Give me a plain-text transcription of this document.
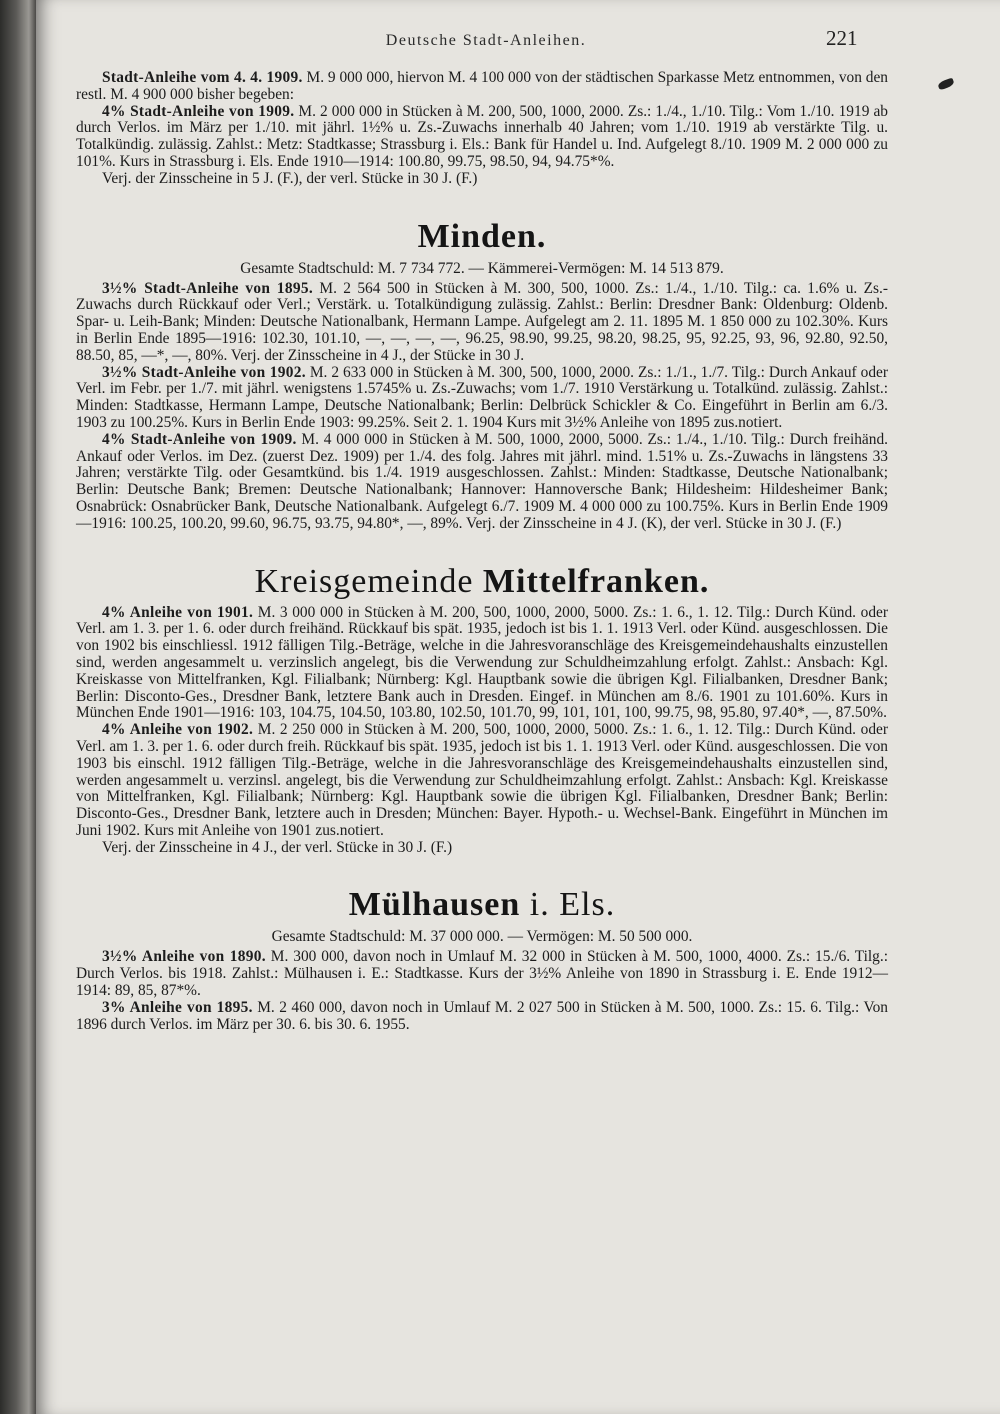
Deutsche Stadt-Anleihen.	221

Stadt-Anleihe vom 4. 4. 1909. M. 9 000 000, hiervon M. 4 100 000 von der städtischen Sparkasse Metz entnommen, von den restl. M. 4 900 000 bisher begeben:

4% Stadt-Anleihe von 1909. M. 2 000 000 in Stücken à M. 200, 500, 1000, 2000. Zs.: 1./4., 1./10. Tilg.: Vom 1./10. 1919 ab durch Verlos. im März per 1./10. mit jährl. 1½% u. Zs.-Zuwachs innerhalb 40 Jahren; vom 1./10. 1919 ab verstärkte Tilg. u. Totalkündig. zulässig. Zahlst.: Metz: Stadtkasse; Strassburg i. Els.: Bank für Handel u. Ind. Aufgelegt 8./10. 1909 M. 2 000 000 zu 101%. Kurs in Strassburg i. Els. Ende 1910—1914: 100.80, 99.75, 98.50, 94, 94.75*%.

Verj. der Zinsscheine in 5 J. (F.), der verl. Stücke in 30 J. (F.)

Minden.
Gesamte Stadtschuld: M. 7 734 772. — Kämmerei-Vermögen: M. 14 513 879.

3½% Stadt-Anleihe von 1895. M. 2 564 500 in Stücken à M. 300, 500, 1000. Zs.: 1./4., 1./10. Tilg.: ca. 1.6% u. Zs.-Zuwachs durch Rückkauf oder Verl.; Verstärk. u. Totalkündigung zulässig. Zahlst.: Berlin: Dresdner Bank: Oldenburg: Oldenb. Spar- u. Leih-Bank; Minden: Deutsche Nationalbank, Hermann Lampe. Aufgelegt am 2. 11. 1895 M. 1 850 000 zu 102.30%. Kurs in Berlin Ende 1895—1916: 102.30, 101.10, —, —, —, —, 96.25, 98.90, 99.25, 98.20, 98.25, 95, 92.25, 93, 96, 92.80, 92.50, 88.50, 85, —*, —, 80%. Verj. der Zinsscheine in 4 J., der Stücke in 30 J.

3½% Stadt-Anleihe von 1902. M. 2 633 000 in Stücken à M. 300, 500, 1000, 2000. Zs.: 1./1., 1./7. Tilg.: Durch Ankauf oder Verl. im Febr. per 1./7. mit jährl. wenigstens 1.5745% u. Zs.-Zuwachs; vom 1./7. 1910 Verstärkung u. Totalkünd. zulässig. Zahlst.: Minden: Stadtkasse, Hermann Lampe, Deutsche Nationalbank; Berlin: Delbrück Schickler & Co. Eingeführt in Berlin am 6./3. 1903 zu 100.25%. Kurs in Berlin Ende 1903: 99.25%. Seit 2. 1. 1904 Kurs mit 3½% Anleihe von 1895 zus.notiert.

4% Stadt-Anleihe von 1909. M. 4 000 000 in Stücken à M. 500, 1000, 2000, 5000. Zs.: 1./4., 1./10. Tilg.: Durch freihänd. Ankauf oder Verlos. im Dez. (zuerst Dez. 1909) per 1./4. des folg. Jahres mit jährl. mind. 1.51% u. Zs.-Zuwachs in längstens 33 Jahren; verstärkte Tilg. oder Gesamtkünd. bis 1./4. 1919 ausgeschlossen. Zahlst.: Minden: Stadtkasse, Deutsche Nationalbank; Berlin: Deutsche Bank; Bremen: Deutsche Nationalbank; Hannover: Hannoversche Bank; Hildesheim: Hildesheimer Bank; Osnabrück: Osnabrücker Bank, Deutsche Nationalbank. Aufgelegt 6./7. 1909 M. 4 000 000 zu 100.75%. Kurs in Berlin Ende 1909—1916: 100.25, 100.20, 99.60, 96.75, 93.75, 94.80*, —, 89%. Verj. der Zinsscheine in 4 J. (K), der verl. Stücke in 30 J. (F.)

Kreisgemeinde Mittelfranken.

4% Anleihe von 1901. M. 3 000 000 in Stücken à M. 200, 500, 1000, 2000, 5000. Zs.: 1. 6., 1. 12. Tilg.: Durch Künd. oder Verl. am 1. 3. per 1. 6. oder durch freihänd. Rückkauf bis spät. 1935, jedoch ist bis 1. 1. 1913 Verl. oder Künd. ausgeschlossen. Die von 1902 bis einschliessl. 1912 fälligen Tilg.-Beträge, welche in die Jahresvoranschläge des Kreisgemeindehaushalts einzustellen sind, werden angesammelt u. verzinslich angelegt, bis die Verwendung zur Schuldheimzahlung erfolgt. Zahlst.: Ansbach: Kgl. Kreiskasse von Mittelfranken, Kgl. Filialbank; Nürnberg: Kgl. Hauptbank sowie die übrigen Kgl. Filialbanken, Dresdner Bank; Berlin: Disconto-Ges., Dresdner Bank, letztere Bank auch in Dresden. Eingef. in München am 8./6. 1901 zu 101.60%. Kurs in München Ende 1901—1916: 103, 104.75, 104.50, 103.80, 102.50, 101.70, 99, 101, 101, 100, 99.75, 98, 95.80, 97.40*, —, 87.50%.

4% Anleihe von 1902. M. 2 250 000 in Stücken à M. 200, 500, 1000, 2000, 5000. Zs.: 1. 6., 1. 12. Tilg.: Durch Künd. oder Verl. am 1. 3. per 1. 6. oder durch freih. Rückkauf bis spät. 1935, jedoch ist bis 1. 1. 1913 Verl. oder Künd. ausgeschlossen. Die von 1903 bis einschl. 1912 fälligen Tilg.-Beträge, welche in die Jahresvoranschläge des Kreisgemeindehaushalts einzustellen sind, werden angesammelt u. verzinsl. angelegt, bis die Verwendung zur Schuldheimzahlung erfolgt. Zahlst.: Ansbach: Kgl. Kreiskasse von Mittelfranken, Kgl. Filialbank; Nürnberg: Kgl. Hauptbank sowie die übrigen Kgl. Filialbanken, Dresdner Bank; Berlin: Disconto-Ges., Dresdner Bank, letztere auch in Dresden; München: Bayer. Hypoth.- u. Wechsel-Bank. Eingeführt in München im Juni 1902. Kurs mit Anleihe von 1901 zus.notiert.

Verj. der Zinsscheine in 4 J., der verl. Stücke in 30 J. (F.)

Mülhausen i. Els.
Gesamte Stadtschuld: M. 37 000 000. — Vermögen: M. 50 500 000.

3½% Anleihe von 1890. M. 300 000, davon noch in Umlauf M. 32 000 in Stücken à M. 500, 1000, 4000. Zs.: 15./6. Tilg.: Durch Verlos. bis 1918. Zahlst.: Mülhausen i. E.: Stadtkasse. Kurs der 3½% Anleihe von 1890 in Strassburg i. E. Ende 1912—1914: 89, 85, 87*%.

3% Anleihe von 1895. M. 2 460 000, davon noch in Umlauf M. 2 027 500 in Stücken à M. 500, 1000. Zs.: 15. 6. Tilg.: Von 1896 durch Verlos. im März per 30. 6. bis 30. 6. 1955.
